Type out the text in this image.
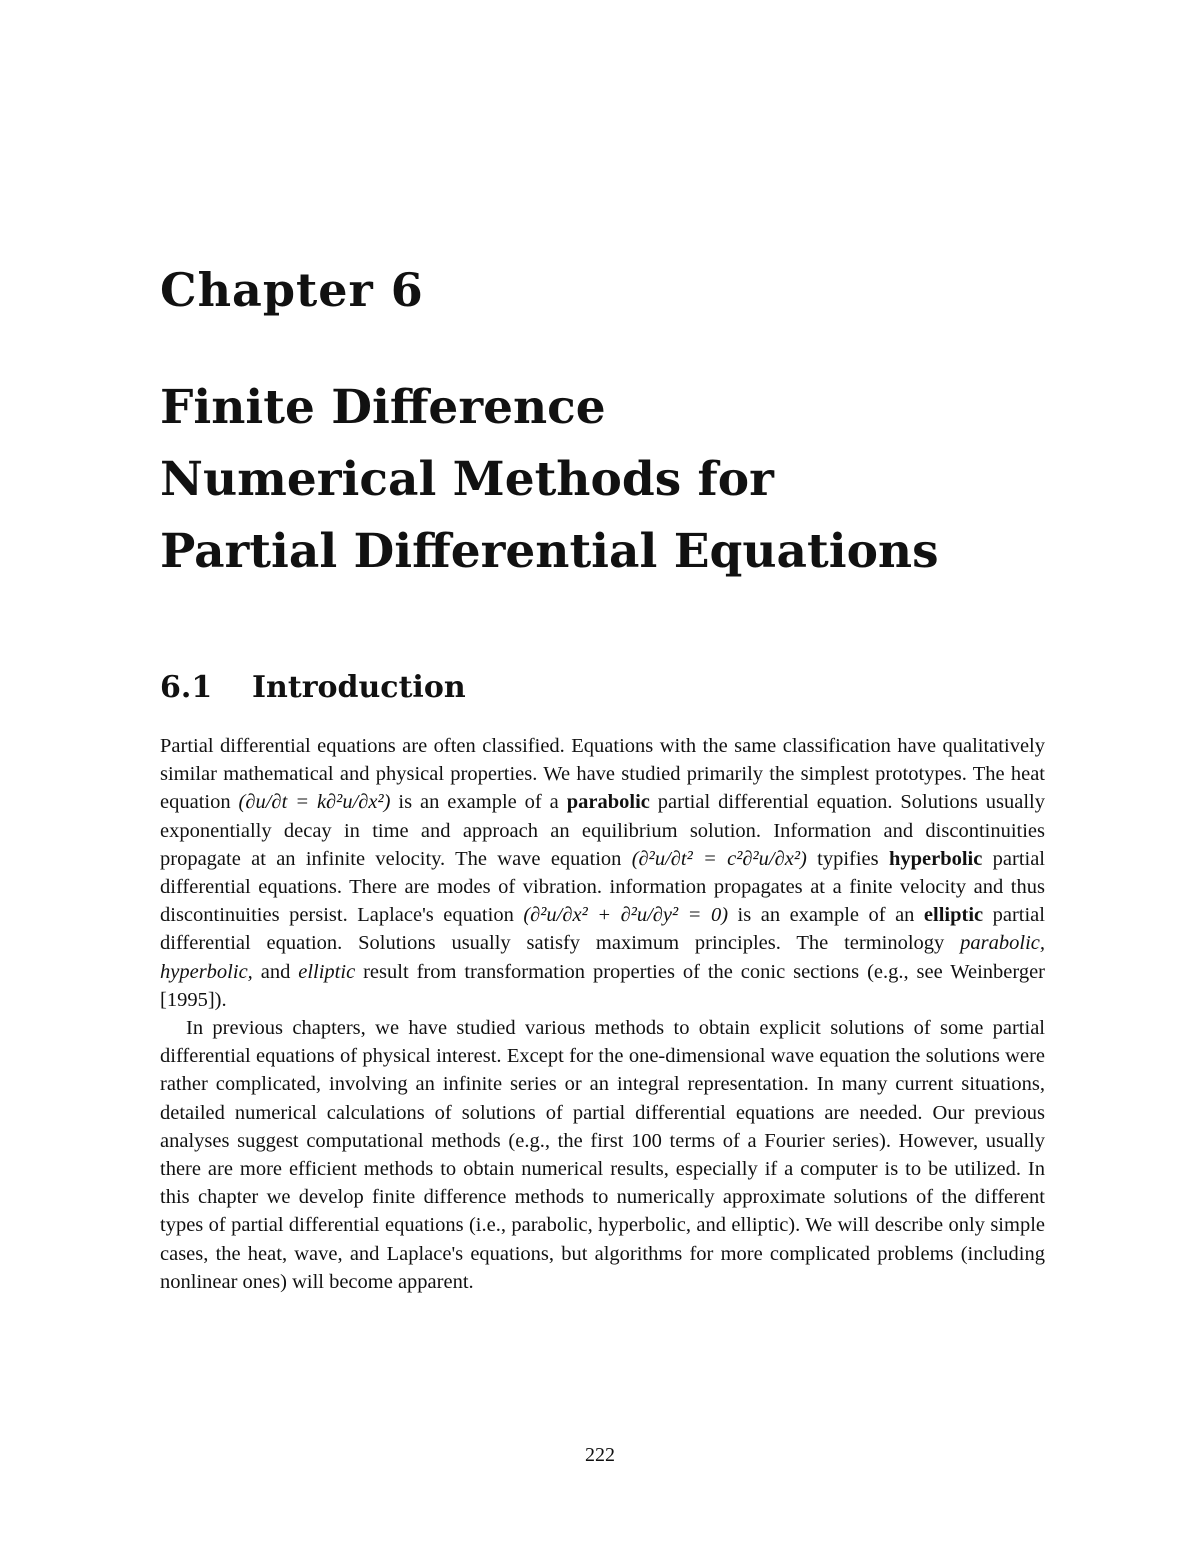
Chapter 6
Finite Difference
Numerical Methods for
Partial Differential Equations
6.1 Introduction

Partial differential equations are often classified. Equations with the same classification have qualitatively similar mathematical and physical properties. We have studied primarily the simplest prototypes. The heat equation (∂u/∂t = k∂²u/∂x²) is an example of a parabolic partial differential equation. Solutions usually exponentially decay in time and approach an equilibrium solution. Information and discontinuities propagate at an infinite velocity. The wave equation (∂²u/∂t² = c²∂²u/∂x²) typifies hyperbolic partial differential equations. There are modes of vibration. information propagates at a finite velocity and thus discontinuities persist. Laplace's equation (∂²u/∂x² + ∂²u/∂y² = 0) is an example of an elliptic partial differential equation. Solutions usually satisfy maximum principles. The terminology parabolic, hyperbolic, and elliptic result from transformation properties of the conic sections (e.g., see Weinberger [1995]).

In previous chapters, we have studied various methods to obtain explicit solutions of some partial differential equations of physical interest. Except for the one-dimensional wave equation the solutions were rather complicated, involving an infinite series or an integral representation. In many current situations, detailed numerical calculations of solutions of partial differential equations are needed. Our previous analyses suggest computational methods (e.g., the first 100 terms of a Fourier series). However, usually there are more efficient methods to obtain numerical results, especially if a computer is to be utilized. In this chapter we develop finite difference methods to numerically approximate solutions of the different types of partial differential equations (i.e., parabolic, hyperbolic, and elliptic). We will describe only simple cases, the heat, wave, and Laplace's equations, but algorithms for more complicated problems (including nonlinear ones) will become apparent.

222
